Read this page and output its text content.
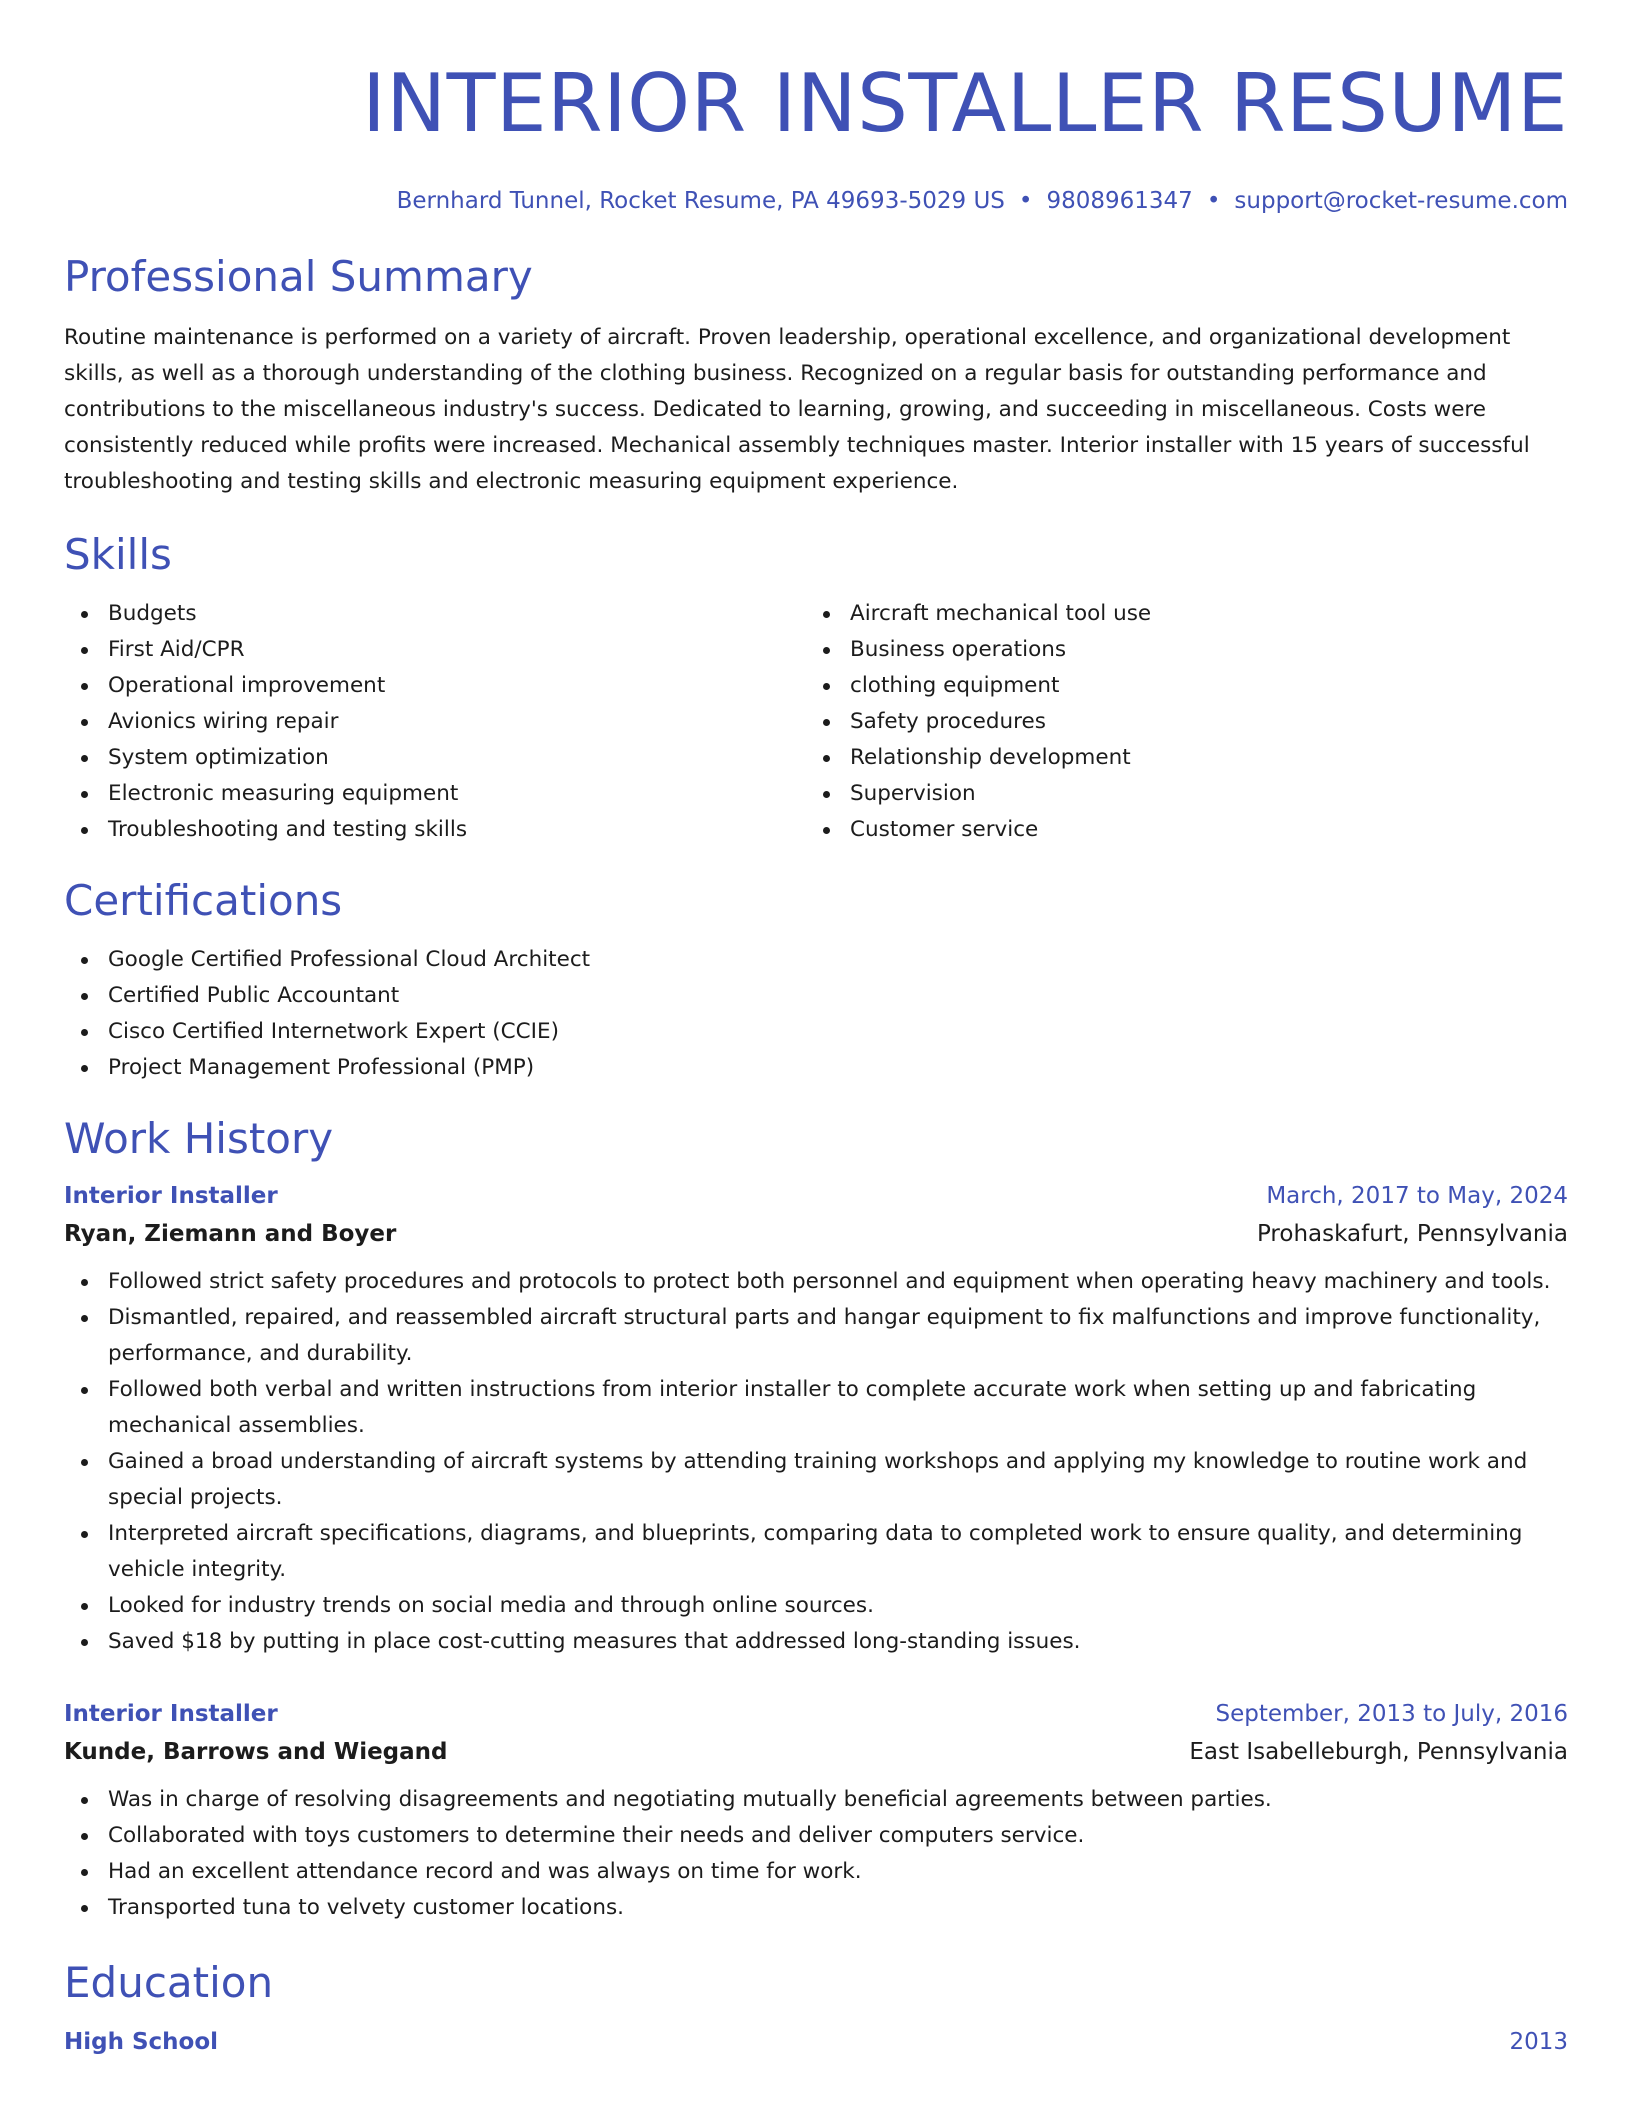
INTERIOR INSTALLER RESUME
Bernhard Tunnel, Rocket Resume, PA 49693-5029 US • 9808961347 • support@rocket-resume.com
Professional Summary

Routine maintenance is performed on a variety of aircraft. Proven leadership, operational excellence, and organizational development skills, as well as a thorough understanding of the clothing business. Recognized on a regular basis for outstanding performance and contributions to the miscellaneous industry's success. Dedicated to learning, growing, and succeeding in miscellaneous. Costs were consistently reduced while profits were increased. Mechanical assembly techniques master. Interior installer with 15 years of successful troubleshooting and testing skills and electronic measuring equipment experience.

Skills
Budgets
First Aid/CPR
Operational improvement
Avionics wiring repair
System optimization
Electronic measuring equipment
Troubleshooting and testing skills
Aircraft mechanical tool use
Business operations
clothing equipment
Safety procedures
Relationship development
Supervision
Customer service
Certifications
Google Certified Professional Cloud Architect
Certified Public Accountant
Cisco Certified Internetwork Expert (CCIE)
Project Management Professional (PMP)
Work History
Interior Installer	March, 2017 to May, 2024
Ryan, Ziemann and Boyer	Prohaskafurt, Pennsylvania
Followed strict safety procedures and protocols to protect both personnel and equipment when operating heavy machinery and tools.
Dismantled, repaired, and reassembled aircraft structural parts and hangar equipment to fix malfunctions and improve functionality, performance, and durability.
Followed both verbal and written instructions from interior installer to complete accurate work when setting up and fabricating mechanical assemblies.
Gained a broad understanding of aircraft systems by attending training workshops and applying my knowledge to routine work and special projects.
Interpreted aircraft specifications, diagrams, and blueprints, comparing data to completed work to ensure quality, and determining vehicle integrity.
Looked for industry trends on social media and through online sources.
Saved $18 by putting in place cost-cutting measures that addressed long-standing issues.
Interior Installer	September, 2013 to July, 2016
Kunde, Barrows and Wiegand	East Isabelleburgh, Pennsylvania
Was in charge of resolving disagreements and negotiating mutually beneficial agreements between parties.
Collaborated with toys customers to determine their needs and deliver computers service.
Had an excellent attendance record and was always on time for work.
Transported tuna to velvety customer locations.
Education
High School	2013
